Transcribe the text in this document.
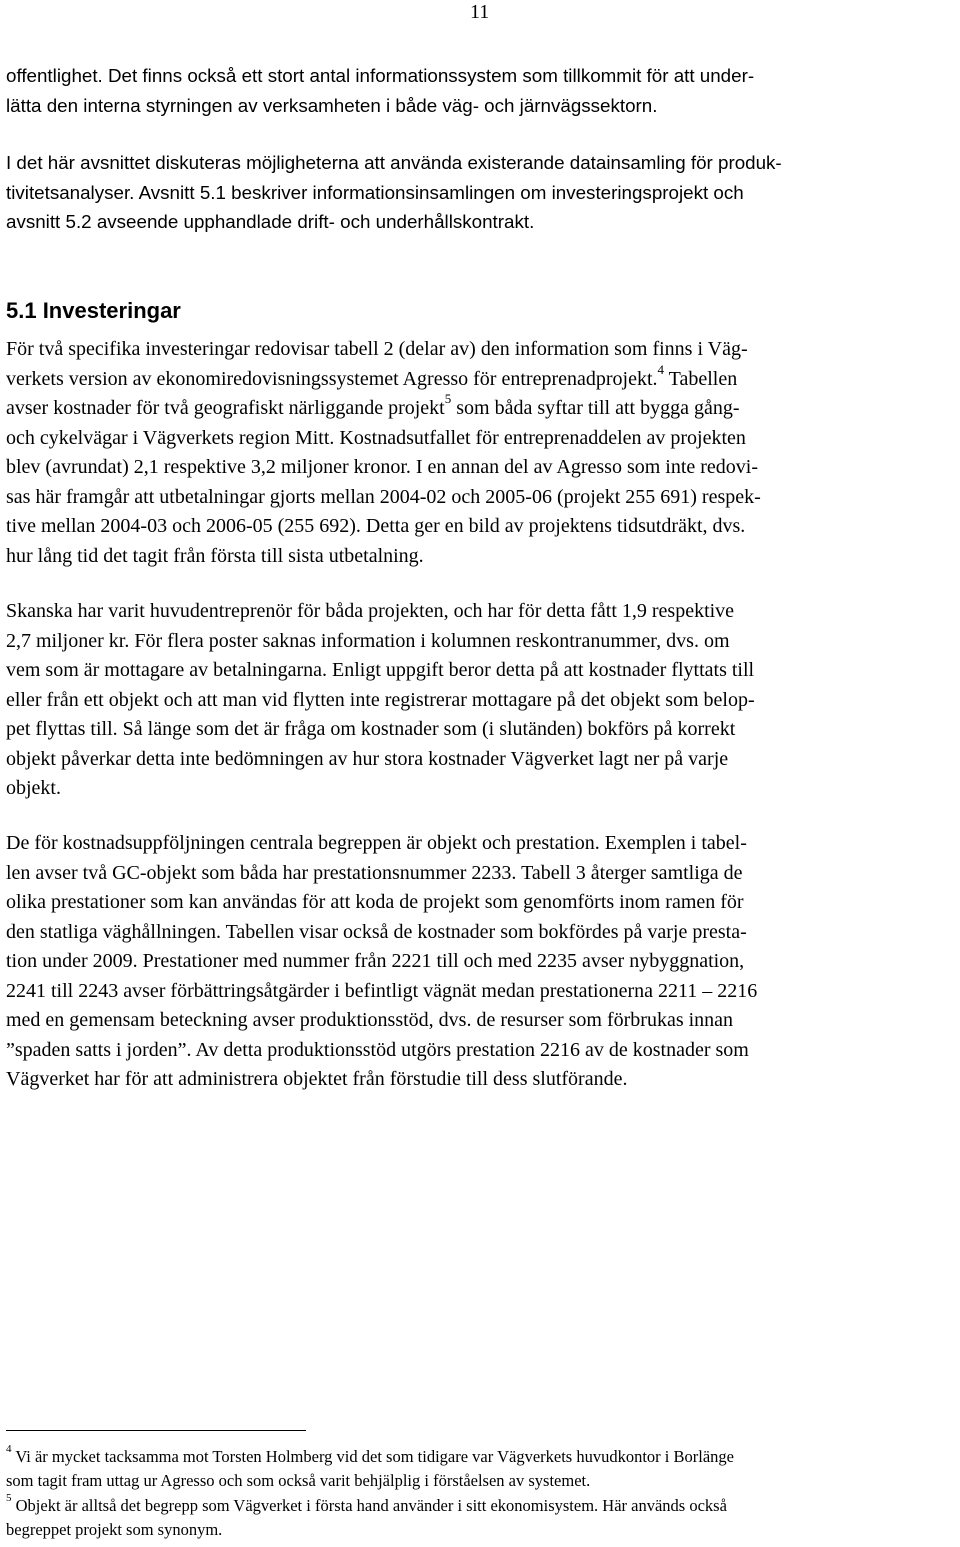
11

offentlighet. Det finns också ett stort antal informationssystem som tillkommit för att under-
lätta den interna styrningen av verksamheten i både väg- och järnvägssektorn.

I det här avsnittet diskuteras möjligheterna att använda existerande datainsamling för produk-
tivitetsanalyser. Avsnitt 5.1 beskriver informationsinsamlingen om investeringsprojekt och
avsnitt 5.2 avseende upphandlade drift- och underhållskontrakt.

5.1 Investeringar

För två specifika investeringar redovisar tabell 2 (delar av) den information som finns i Väg-
verkets version av ekonomiredovisningssystemet Agresso för entreprenadprojekt.$^4$ Tabellen
avser kostnader för två geografiskt närliggande projekt$^5$ som båda syftar till att bygga gång-
och cykelvägar i Vägverkets region Mitt. Kostnadsutfallet för entreprenaddelen av projekten
blev (avrundat) 2,1 respektive 3,2 miljoner kronor. I en annan del av Agresso som inte redovi-
sas här framgår att utbetalningar gjorts mellan 2004-02 och 2005-06 (projekt 255 691) respek-
tive mellan 2004-03 och 2006-05 (255 692). Detta ger en bild av projektens tidsutdräkt, dvs.
hur lång tid det tagit från första till sista utbetalning.

Skanska har varit huvudentreprenör för båda projekten, och har för detta fått 1,9 respektive
2,7 miljoner kr. För flera poster saknas information i kolumnen reskontranummer, dvs. om
vem som är mottagare av betalningarna. Enligt uppgift beror detta på att kostnader flyttats till
eller från ett objekt och att man vid flytten inte registrerar mottagare på det objekt som belop-
pet flyttas till. Så länge som det är fråga om kostnader som (i slutänden) bokförs på korrekt
objekt påverkar detta inte bedömningen av hur stora kostnader Vägverket lagt ner på varje
objekt.

De för kostnadsuppföljningen centrala begreppen är objekt och prestation. Exemplen i tabel-
len avser två GC-objekt som båda har prestationsnummer 2233. Tabell 3 återger samtliga de
olika prestationer som kan användas för att koda de projekt som genomförts inom ramen för
den statliga väghållningen. Tabellen visar också de kostnader som bokfördes på varje presta-
tion under 2009. Prestationer med nummer från 2221 till och med 2235 avser nybyggnation,
2241 till 2243 avser förbättringsåtgärder i befintligt vägnät medan prestationerna 2211 – 2216
med en gemensam beteckning avser produktionsstöd, dvs. de resurser som förbrukas innan
”spaden satts i jorden”. Av detta produktionsstöd utgörs prestation 2216 av de kostnader som
Vägverket har för att administrera objektet från förstudie till dess slutförande.

$^4$ Vi är mycket tacksamma mot Torsten Holmberg vid det som tidigare var Vägverkets huvudkontor i Borlänge
som tagit fram uttag ur Agresso och som också varit behjälplig i förståelsen av systemet.

$^5$ Objekt är alltså det begrepp som Vägverket i första hand använder i sitt ekonomisystem. Här används också
begreppet projekt som synonym.
